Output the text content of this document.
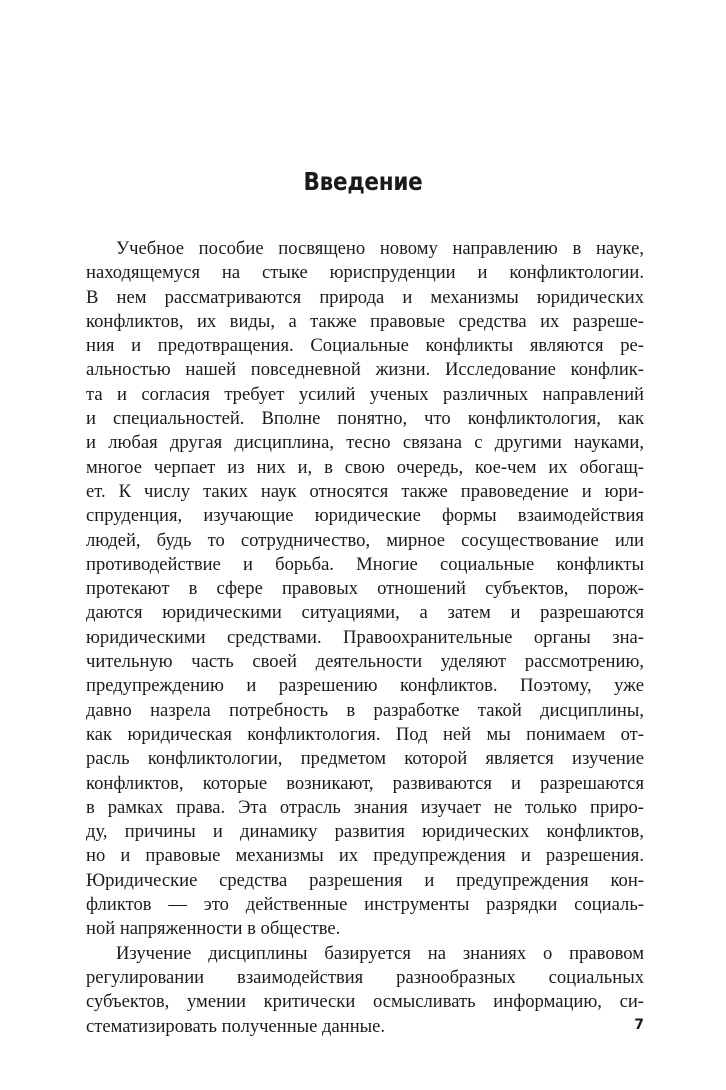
Введение
Учебное пособие посвящено новому направлению в науке,
находящемуся на стыке юриспруденции и конфликтологии.
В нем рассматриваются природа и механизмы юридических
конфликтов, их виды, а также правовые средства их разреше-
ния и предотвращения. Социальные конфликты являются ре-
альностью нашей повседневной жизни. Исследование конфлик-
та и согласия требует усилий ученых различных направлений
и специальностей. Вполне понятно, что конфликтология, как
и любая другая дисциплина, тесно связана с другими науками,
многое черпает из них и, в свою очередь, кое-чем их обогащ-
ет. К числу таких наук относятся также правоведение и юри-
спруденция, изучающие юридические формы взаимодействия
людей, будь то сотрудничество, мирное сосуществование или
противодействие и борьба. Многие социальные конфликты
протекают в сфере правовых отношений субъектов, порож-
даются юридическими ситуациями, а затем и разрешаются
юридическими средствами. Правоохранительные органы зна-
чительную часть своей деятельности уделяют рассмотрению,
предупреждению и разрешению конфликтов. Поэтому, уже
давно назрела потребность в разработке такой дисциплины,
как юридическая конфликтология. Под ней мы понимаем от-
расль конфликтологии, предметом которой является изучение
конфликтов, которые возникают, развиваются и разрешаются
в рамках права. Эта отрасль знания изучает не только приро-
ду, причины и динамику развития юридических конфликтов,
но и правовые механизмы их предупреждения и разрешения.
Юридические средства разрешения и предупреждения кон-
фликтов — это действенные инструменты разрядки социаль-
ной напряженности в обществе.
Изучение дисциплины базируется на знаниях о правовом
регулировании взаимодействия разнообразных социальных
субъектов, умении критически осмысливать информацию, си-
стематизировать полученные данные.	7
